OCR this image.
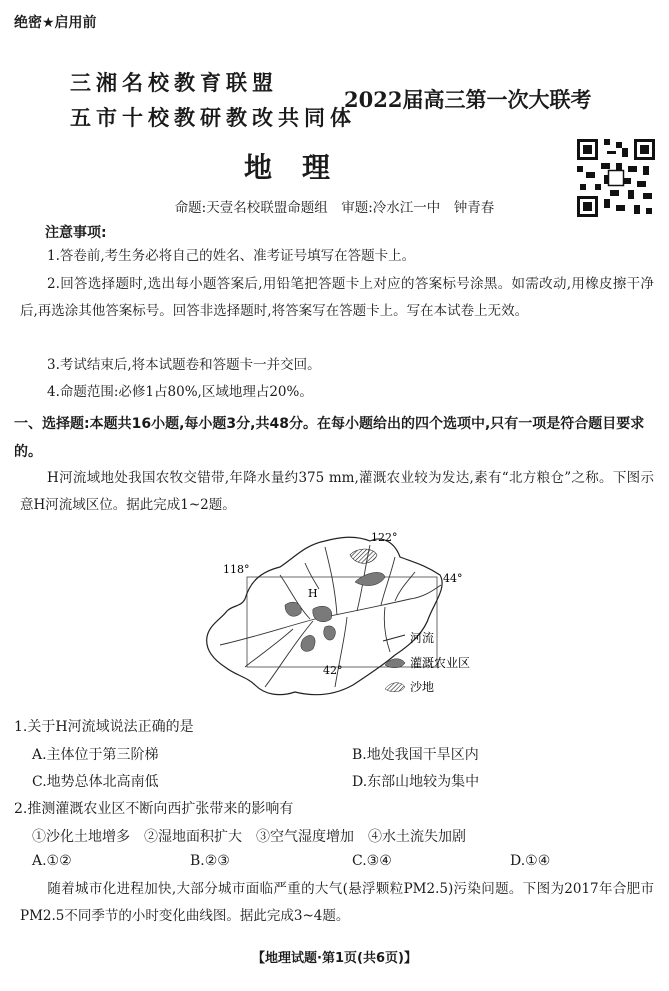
绝密★启用前
三湘名校教育联盟
五市十校教研教改共同体
2022届高三第一次大联考
地理
命题:天壹名校联盟命题组　审题:冷水江一中　钟青春
注意事项:
1.答卷前,考生务必将自己的姓名、准考证号填写在答题卡上。
2.回答选择题时,选出每小题答案后,用铅笔把答题卡上对应的答案标号涂黑。如需改动,用橡皮擦干净后,再选涂其他答案标号。回答非选择题时,将答案写在答题卡上。写在本试卷上无效。
3.考试结束后,将本试题卷和答题卡一并交回。
4.命题范围:必修1占80%,区域地理占20%。
一、选择题:本题共16小题,每小题3分,共48分。在每小题给出的四个选项中,只有一项是符合题目要求的。
H河流域地处我国农牧交错带,年降水量约375 mm,灌溉农业较为发达,素有“北方粮仓”之称。下图示意H河流域区位。据此完成1~2题。
118°
122°
44°
42°
H
河流
灌溉农业区
沙地
1.关于H河流域说法正确的是
A.主体位于第三阶梯	B.地处我国干旱区内
C.地势总体北高南低	D.东部山地较为集中
2.推测灌溉农业区不断向西扩张带来的影响有
①沙化土地增多　②湿地面积扩大　③空气湿度增加　④水土流失加剧
A.①②	B.②③	C.③④	D.①④
随着城市化进程加快,大部分城市面临严重的大气(悬浮颗粒PM2.5)污染问题。下图为2017年合肥市PM2.5不同季节的小时变化曲线图。据此完成3~4题。
【地理试题·第1页(共6页)】
